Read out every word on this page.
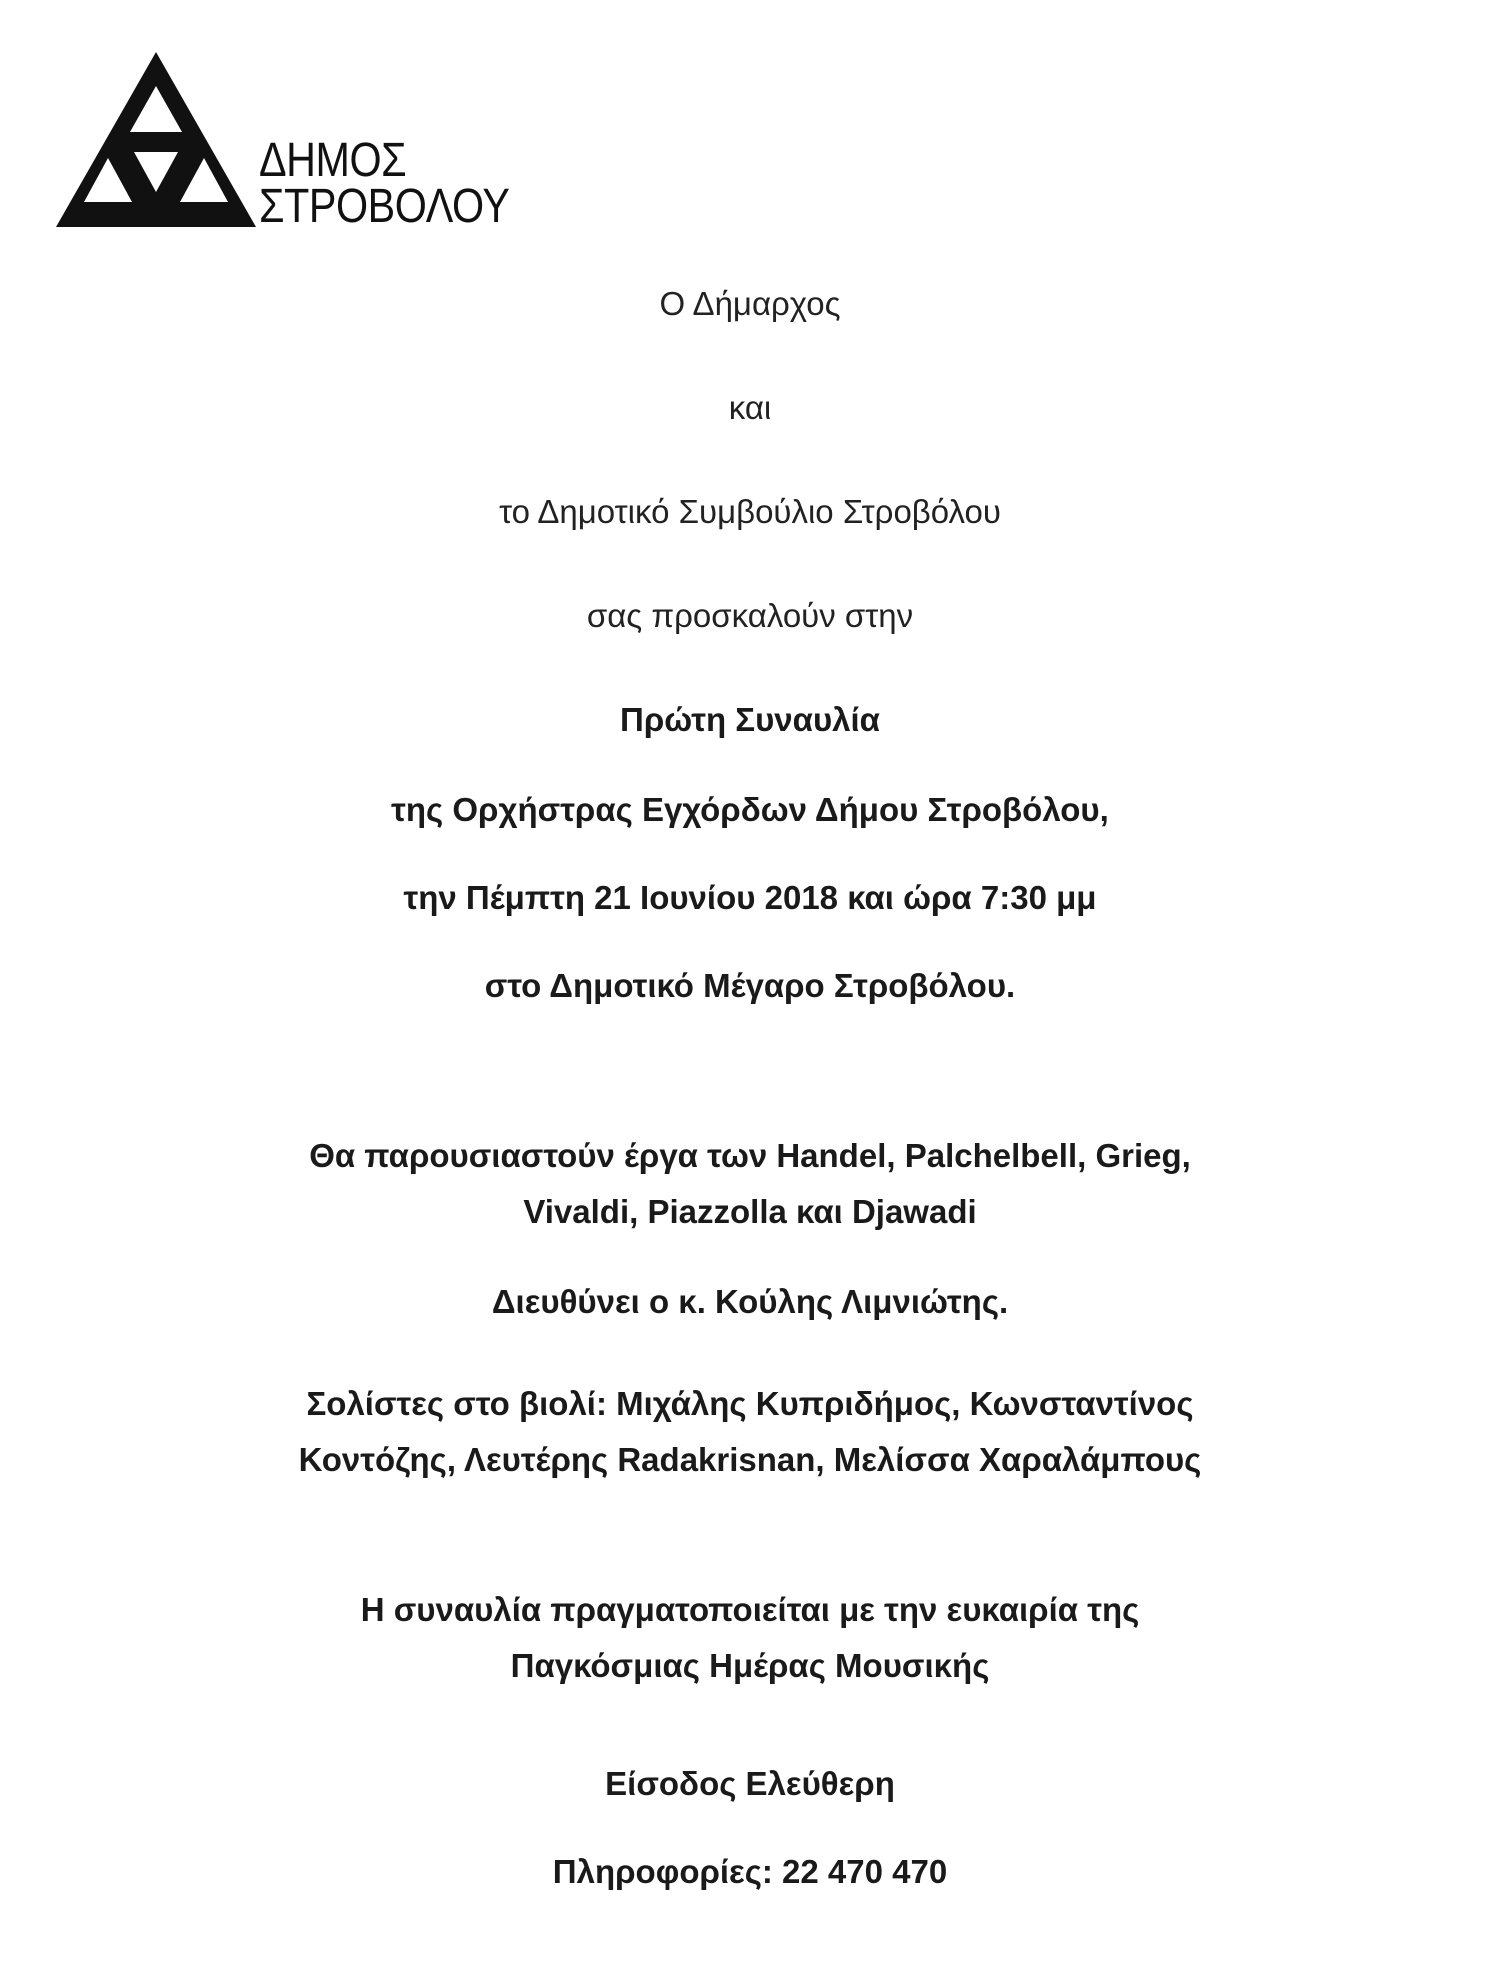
ΔΗΜΟΣ
ΣΤΡΟΒΟΛΟΥ
Ο Δήμαρχος
και
το Δημοτικό Συμβούλιο Στροβόλου
σας προσκαλούν στην
Πρώτη Συναυλία
της Ορχήστρας Εγχόρδων Δήμου Στροβόλου,
την Πέμπτη 21 Ιουνίου 2018 και ώρα 7:30 μμ
στο Δημοτικό Μέγαρο Στροβόλου.
Θα παρουσιαστούν έργα των Handel, Palchelbell, Grieg,
Vivaldi, Piazzolla και Djawadi
Διευθύνει ο κ. Κούλης Λιμνιώτης.
Σολίστες στο βιολί: Μιχάλης Κυπριδήμος, Κωνσταντίνος
Κοντόζης, Λευτέρης Radakrisnan, Μελίσσα Χαραλάμπους
Η συναυλία πραγματοποιείται με την ευκαιρία της
Παγκόσμιας Ημέρας Μουσικής
Είσοδος Ελεύθερη
Πληροφορίες: 22 470 470
